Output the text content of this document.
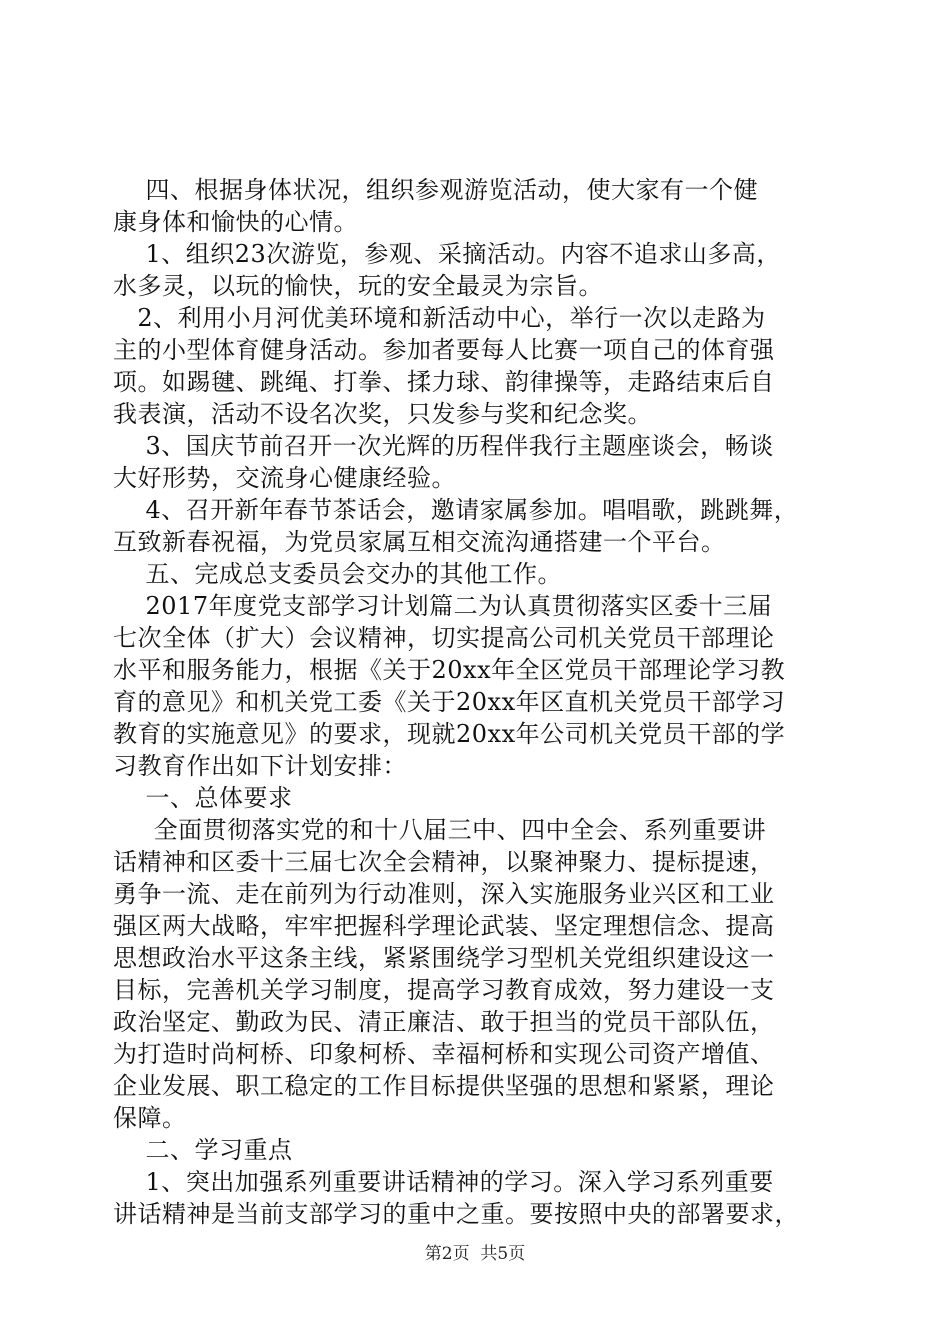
四、根据身体状况，组织参观游览活动，使大家有一个健
康身体和愉快的心情。
1、组织23次游览，参观、采摘活动。内容不追求山多高，
水多灵，以玩的愉快，玩的安全最灵为宗旨。
2、利用小月河优美环境和新活动中心，举行一次以走路为
主的小型体育健身活动。参加者要每人比赛一项自己的体育强
项。如踢毽、跳绳、打拳、揉力球、韵律操等，走路结束后自
我表演，活动不设名次奖，只发参与奖和纪念奖。
3、国庆节前召开一次光辉的历程伴我行主题座谈会，畅谈
大好形势，交流身心健康经验。
4、召开新年春节茶话会，邀请家属参加。唱唱歌，跳跳舞，
互致新春祝福，为党员家属互相交流沟通搭建一个平台。
五、完成总支委员会交办的其他工作。
2017年度党支部学习计划篇二为认真贯彻落实区委十三届
七次全体（扩大）会议精神，切实提高公司机关党员干部理论
水平和服务能力，根据《关于20xx年全区党员干部理论学习教
育的意见》和机关党工委《关于20xx年区直机关党员干部学习
教育的实施意见》的要求，现就20xx年公司机关党员干部的学
习教育作出如下计划安排：
一、总体要求
全面贯彻落实党的和十八届三中、四中全会、系列重要讲
话精神和区委十三届七次全会精神，以聚神聚力、提标提速，
勇争一流、走在前列为行动准则，深入实施服务业兴区和工业
强区两大战略，牢牢把握科学理论武装、坚定理想信念、提高
思想政治水平这条主线，紧紧围绕学习型机关党组织建设这一
目标，完善机关学习制度，提高学习教育成效，努力建设一支
政治坚定、勤政为民、清正廉洁、敢于担当的党员干部队伍，
为打造时尚柯桥、印象柯桥、幸福柯桥和实现公司资产增值、
企业发展、职工稳定的工作目标提供坚强的思想和紧紧，理论
保障。
二、学习重点
1、突出加强系列重要讲话精神的学习。深入学习系列重要
讲话精神是当前支部学习的重中之重。要按照中央的部署要求，
第2页  共5页
